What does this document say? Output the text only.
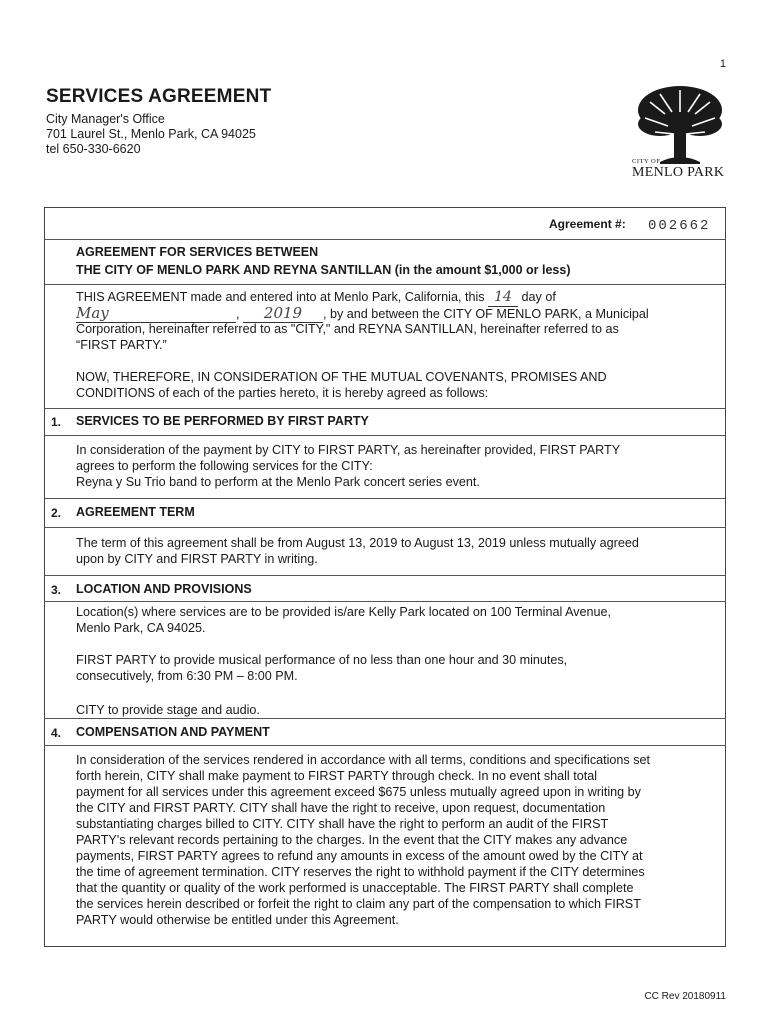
1
SERVICES AGREEMENT
City Manager's Office
701 Laurel St., Menlo Park, CA 94025
tel 650-330-6620
CITY OF
MENLO PARK
Agreement #: 002662
AGREEMENT FOR SERVICES BETWEEN
THE CITY OF MENLO PARK AND REYNA SANTILLAN (in the amount $1,000 or less)
THIS AGREEMENT made and entered into at Menlo Park, California, this 14 day of
May	, 2019 , by and between the CITY OF MENLO PARK, a Municipal
Corporation, hereinafter referred to as "CITY," and REYNA SANTILLAN, hereinafter referred to as
“FIRST PARTY.”
NOW, THEREFORE, IN CONSIDERATION OF THE MUTUAL COVENANTS, PROMISES AND
CONDITIONS of each of the parties hereto, it is hereby agreed as follows:
1. SERVICES TO BE PERFORMED BY FIRST PARTY
In consideration of the payment by CITY to FIRST PARTY, as hereinafter provided, FIRST PARTY
agrees to perform the following services for the CITY:
Reyna y Su Trio band to perform at the Menlo Park concert series event.
2. AGREEMENT TERM
The term of this agreement shall be from August 13, 2019 to August 13, 2019 unless mutually agreed
upon by CITY and FIRST PARTY in writing.
3. LOCATION AND PROVISIONS
Location(s) where services are to be provided is/are Kelly Park located on 100 Terminal Avenue,
Menlo Park, CA 94025.
FIRST PARTY to provide musical performance of no less than one hour and 30 minutes,
consecutively, from 6:30 PM – 8:00 PM.
CITY to provide stage and audio.
4. COMPENSATION AND PAYMENT
In consideration of the services rendered in accordance with all terms, conditions and specifications set
forth herein, CITY shall make payment to FIRST PARTY through check. In no event shall total
payment for all services under this agreement exceed $675 unless mutually agreed upon in writing by
the CITY and FIRST PARTY. CITY shall have the right to receive, upon request, documentation
substantiating charges billed to CITY. CITY shall have the right to perform an audit of the FIRST
PARTY's relevant records pertaining to the charges. In the event that the CITY makes any advance
payments, FIRST PARTY agrees to refund any amounts in excess of the amount owed by the CITY at
the time of agreement termination. CITY reserves the right to withhold payment if the CITY determines
that the quantity or quality of the work performed is unacceptable. The FIRST PARTY shall complete
the services herein described or forfeit the right to claim any part of the compensation to which FIRST
PARTY would otherwise be entitled under this Agreement.
CC Rev 20180911
